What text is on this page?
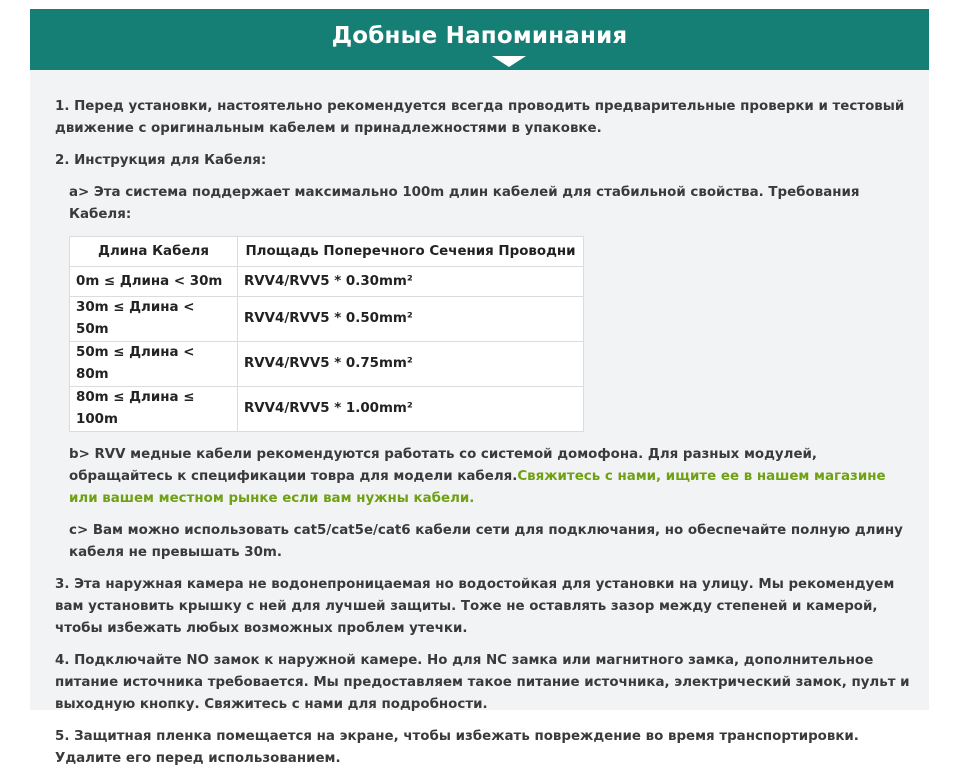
Добные Напоминания

1. Перед установки, настоятельно рекомендуется всегда проводить предварительные проверки и тестовый движение с оригинальным кабелем и принадлежностями в упаковке.

2. Инструкция для Кабеля:

a> Эта система поддержает максимально 100m длин кабелей для стабильной свойства. Требования Кабеля:

Длина Кабеля	Площадь Поперечного Сечения Проводни
0m ≤ Длина < 30m	RVV4/RVV5 * 0.30mm²
30m ≤ Длина < 50m	RVV4/RVV5 * 0.50mm²
50m ≤ Длина < 80m	RVV4/RVV5 * 0.75mm²
80m ≤ Длина ≤ 100m	RVV4/RVV5 * 1.00mm²

b> RVV медные кабели рекомендуются работать со системой домофона. Для разных модулей, обращайтесь к спецификации товра для модели кабеля.Свяжитесь с нами, ищите ее в нашем магазине или вашем местном рынке если вам нужны кабели.

c> Вам можно использовать cat5/cat5e/cat6 кабели сети для подключания, но обеспечайте полную длину кабеля не превышать 30m.

3. Эта наружная камера не водонепроницаемая но водостойкая для установки на улицу. Мы рекомендуем вам установить крышку с ней для лучшей защиты. Тоже не оставлять зазор между степеней и камерой, чтобы избежать любых возможных проблем утечки.

4. Подключайте NO замок к наружной камере. Но для NC замка или магнитного замка, дополнительное питание источника требовается. Мы предоставляем такое питание источника, электрический замок, пульт и выходную кнопку. Свяжитесь с нами для подробности.

5. Защитная пленка помещается на экране, чтобы избежать повреждение во время транспортировки. Удалите его перед использованием.
